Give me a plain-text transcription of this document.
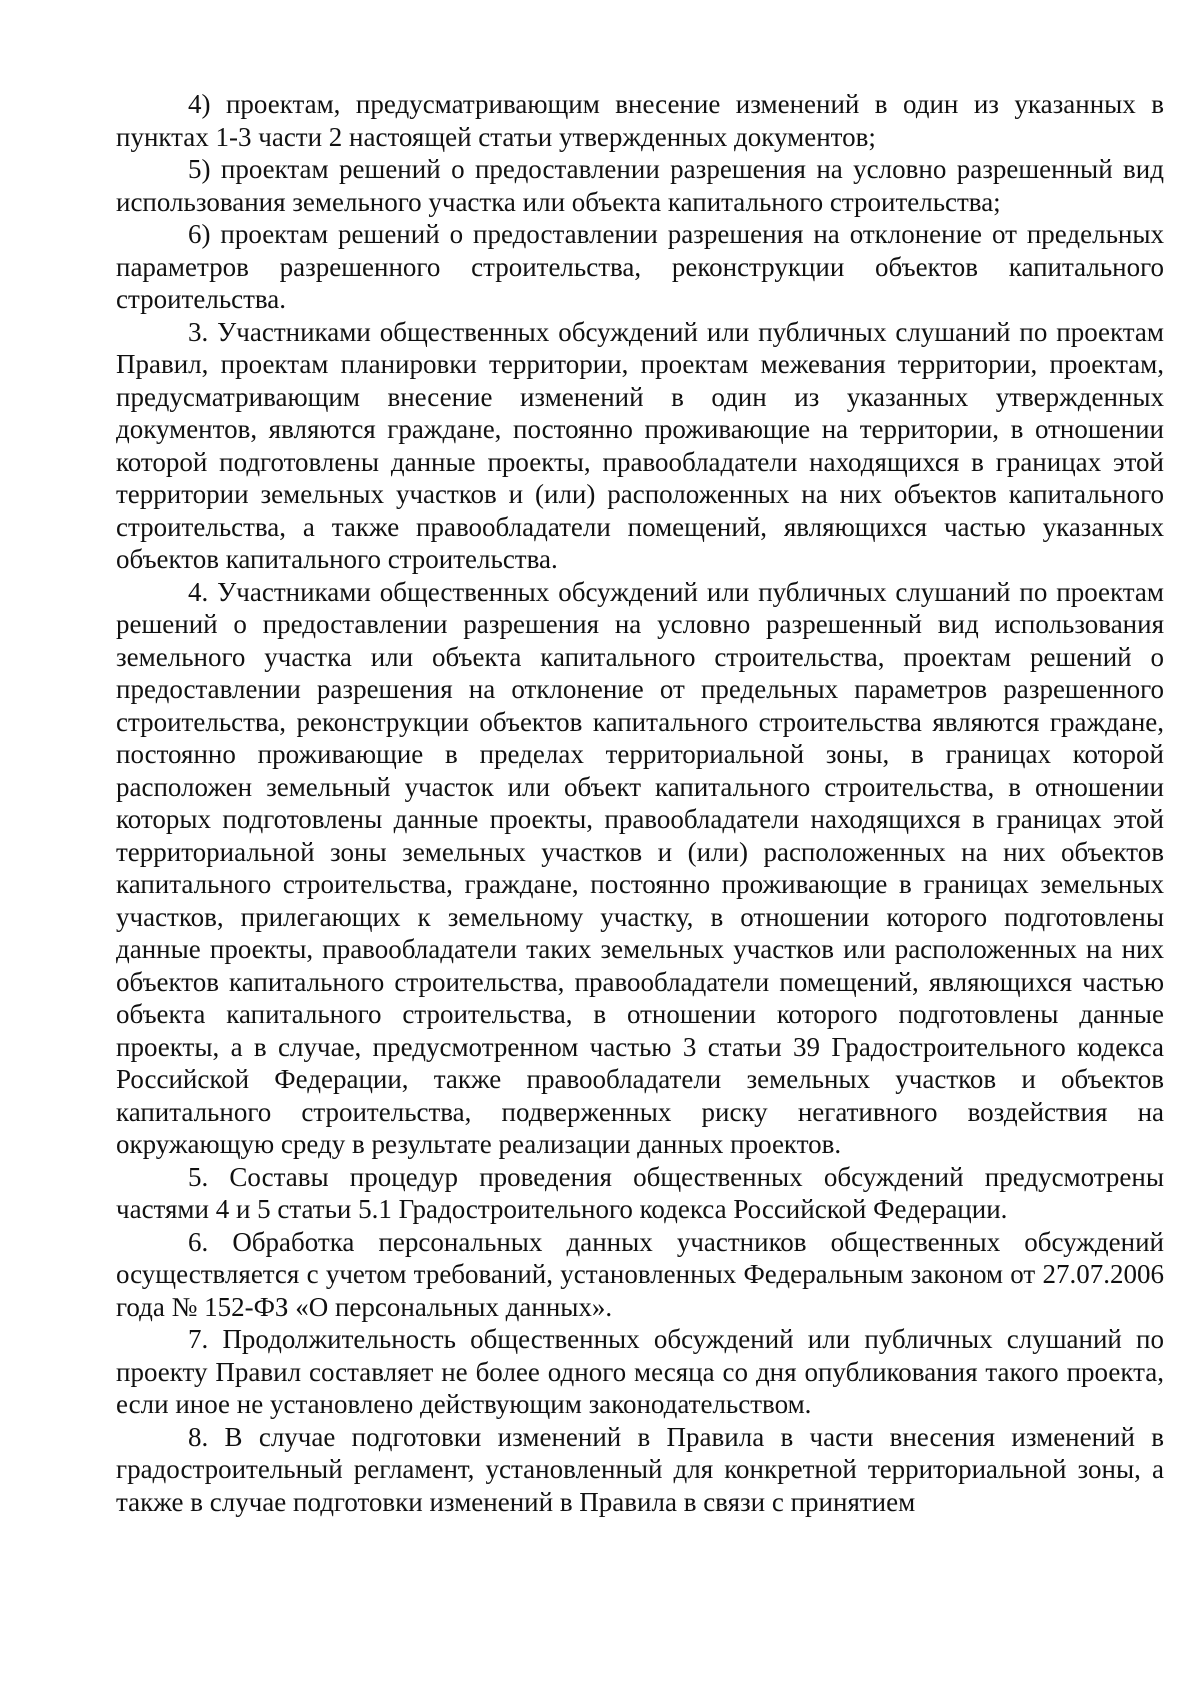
4) проектам, предусматривающим внесение изменений в один из указанных в пунктах 1-3 части 2 настоящей статьи утвержденных документов;

5) проектам решений о предоставлении разрешения на условно разрешенный вид использования земельного участка или объекта капитального строительства;

6) проектам решений о предоставлении разрешения на отклонение от предельных параметров разрешенного строительства, реконструкции объектов капитального строительства.

3. Участниками общественных обсуждений или публичных слушаний по проектам Правил, проектам планировки территории, проектам межевания территории, проектам, предусматривающим внесение изменений в один из указанных утвержденных документов, являются граждане, постоянно проживающие на территории, в отношении которой подготовлены данные проекты, правообладатели находящихся в границах этой территории земельных участков и (или) расположенных на них объектов капитального строительства, а также правообладатели помещений, являющихся частью указанных объектов капитального строительства.

4. Участниками общественных обсуждений или публичных слушаний по проектам решений о предоставлении разрешения на условно разрешенный вид использования земельного участка или объекта капитального строительства, проектам решений о предоставлении разрешения на отклонение от предельных параметров разрешенного строительства, реконструкции объектов капитального строительства являются граждане, постоянно проживающие в пределах территориальной зоны, в границах которой расположен земельный участок или объект капитального строительства, в отношении которых подготовлены данные проекты, правообладатели находящихся в границах этой территориальной зоны земельных участков и (или) расположенных на них объектов капитального строительства, граждане, постоянно проживающие в границах земельных участков, прилегающих к земельному участку, в отношении которого подготовлены данные проекты, правообладатели таких земельных участков или расположенных на них объектов капитального строительства, правообладатели помещений, являющихся частью объекта капитального строительства, в отношении которого подготовлены данные проекты, а в случае, предусмотренном частью 3 статьи 39 Градостроительного кодекса Российской Федерации, также правообладатели земельных участков и объектов капитального строительства, подверженных риску негативного воздействия на окружающую среду в результате реализации данных проектов.

5. Составы процедур проведения общественных обсуждений предусмотрены частями 4 и 5 статьи 5.1 Градостроительного кодекса Российской Федерации.

6. Обработка персональных данных участников общественных обсуждений осуществляется с учетом требований, установленных Федеральным законом от 27.07.2006 года № 152-ФЗ «О персональных данных».

7. Продолжительность общественных обсуждений или публичных слушаний по проекту Правил составляет не более одного месяца со дня опубликования такого проекта, если иное не установлено действующим законодательством.

8. В случае подготовки изменений в Правила в части внесения изменений в градостроительный регламент, установленный для конкретной территориальной зоны, а также в случае подготовки изменений в Правила в связи с принятием
